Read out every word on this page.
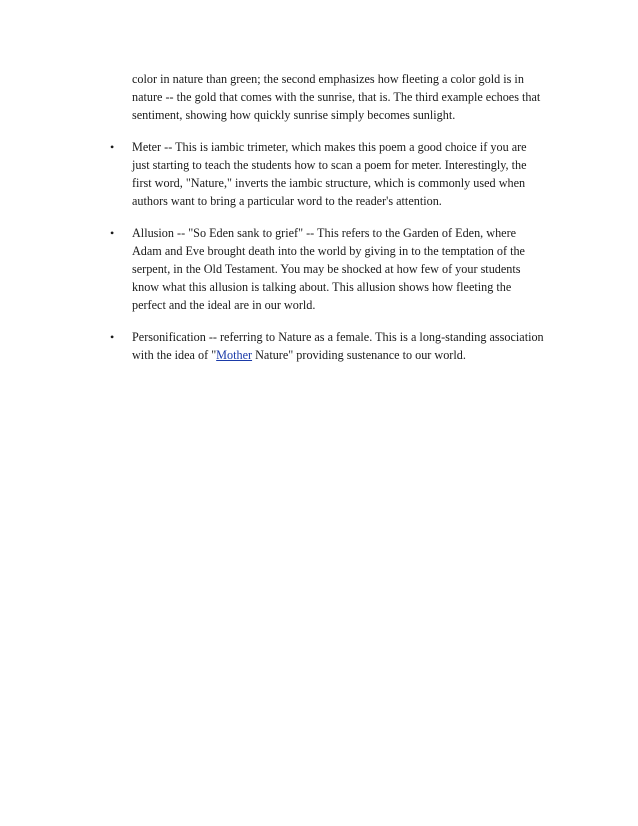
color in nature than green; the second emphasizes how fleeting a color gold is in nature -- the gold that comes with the sunrise, that is. The third example echoes that sentiment, showing how quickly sunrise simply becomes sunlight.

• Meter -- This is iambic trimeter, which makes this poem a good choice if you are just starting to teach the students how to scan a poem for meter. Interestingly, the first word, "Nature," inverts the iambic structure, which is commonly used when authors want to bring a particular word to the reader's attention.
• Allusion -- "So Eden sank to grief" -- This refers to the Garden of Eden, where Adam and Eve brought death into the world by giving in to the temptation of the serpent, in the Old Testament. You may be shocked at how few of your students know what this allusion is talking about. This allusion shows how fleeting the perfect and the ideal are in our world.
• Personification -- referring to Nature as a female. This is a long-standing association with the idea of "Mother Nature" providing sustenance to our world.
